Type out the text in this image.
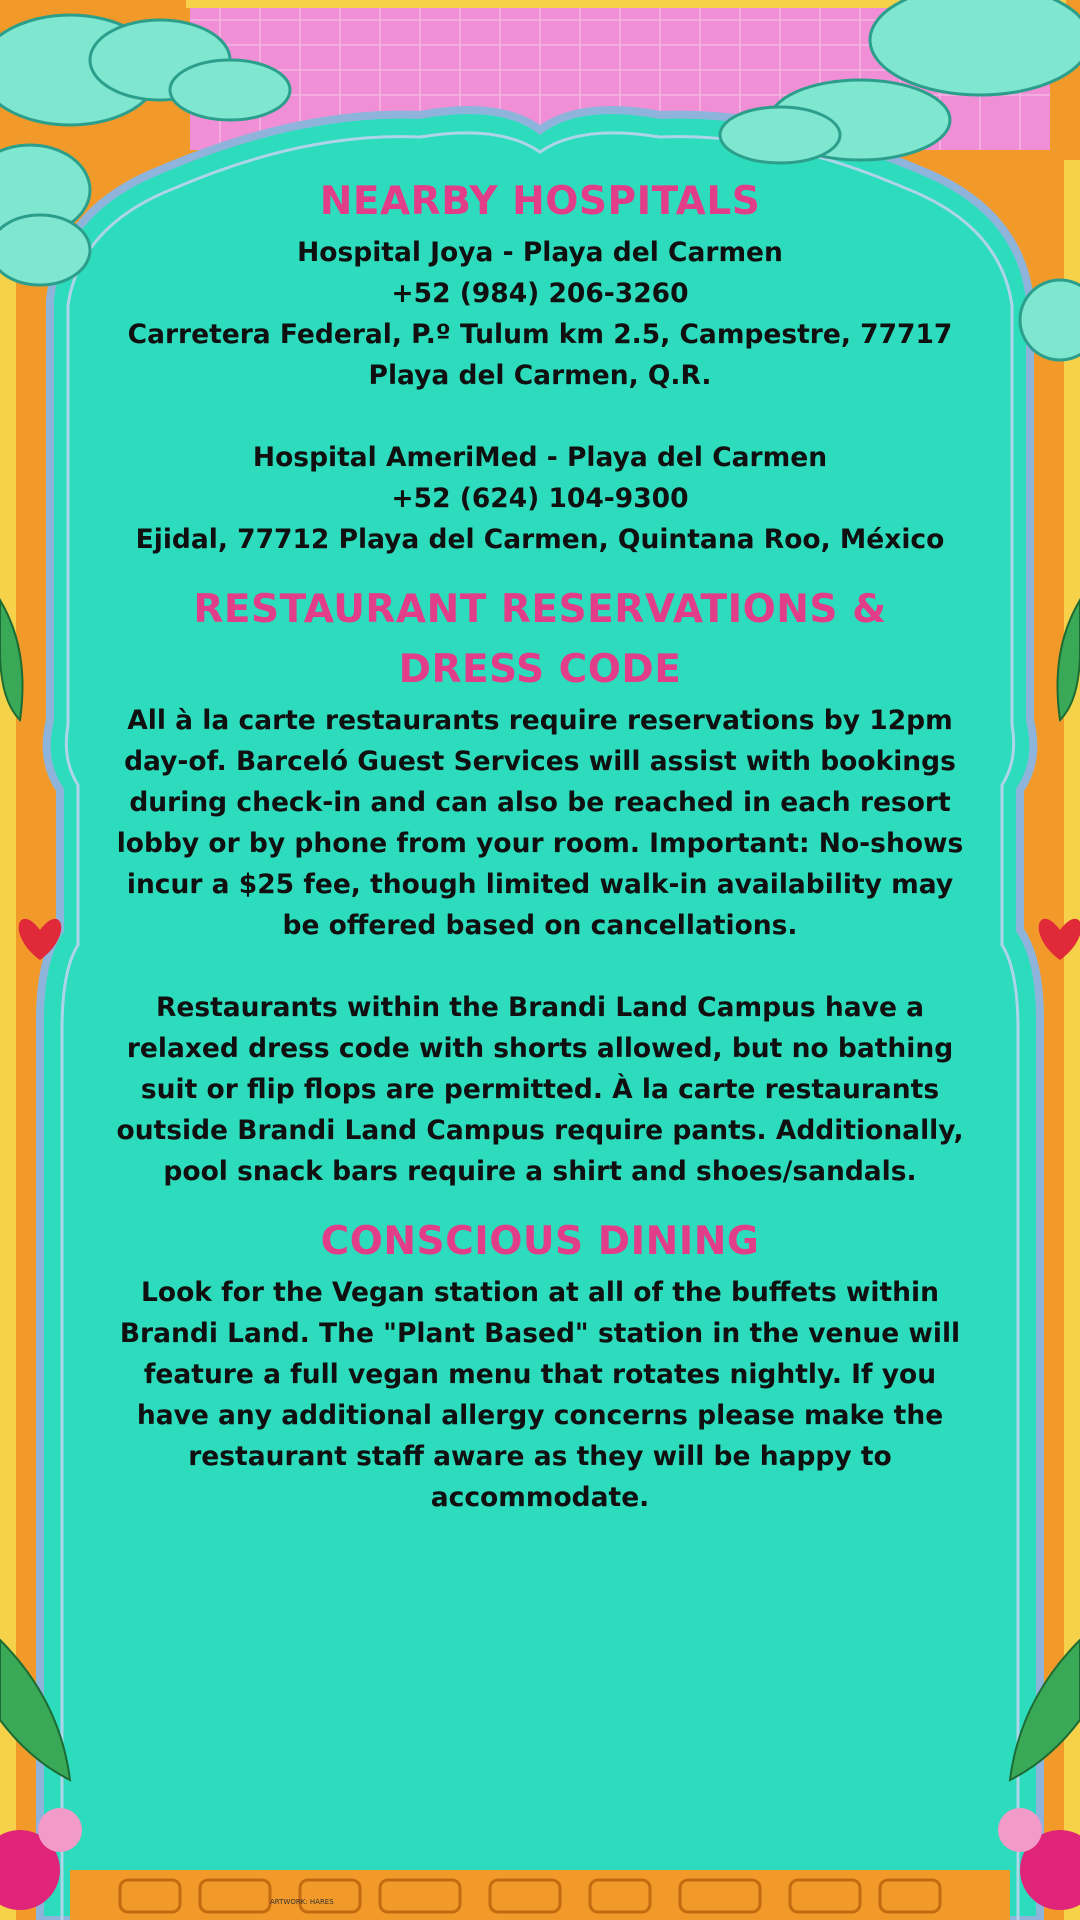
NEARBY HOSPITALS
Hospital Joya - Playa del Carmen
+52 (984) 206-3260
Carretera Federal, P.º Tulum km 2.5, Campestre, 77717
Playa del Carmen, Q.R.
Hospital AmeriMed - Playa del Carmen
+52 (624) 104-9300
Ejidal, 77712 Playa del Carmen, Quintana Roo, México
RESTAURANT RESERVATIONS &
DRESS CODE

All à la carte restaurants require reservations by 12pm day-of. Barceló Guest Services will assist with bookings during check-in and can also be reached in each resort lobby or by phone from your room. Important: No-shows incur a $25 fee, though limited walk-in availability may be offered based on cancellations.

Restaurants within the Brandi Land Campus have a relaxed dress code with shorts allowed, but no bathing suit or flip flops are permitted. À la carte restaurants outside Brandi Land Campus require pants. Additionally, pool snack bars require a shirt and shoes/sandals.

CONSCIOUS DINING

Look for the Vegan station at all of the buffets within Brandi Land. The "Plant Based" station in the venue will feature a full vegan menu that rotates nightly. If you have any additional allergy concerns please make the restaurant staff aware as they will be happy to accommodate.

ARTWORK: HARES
